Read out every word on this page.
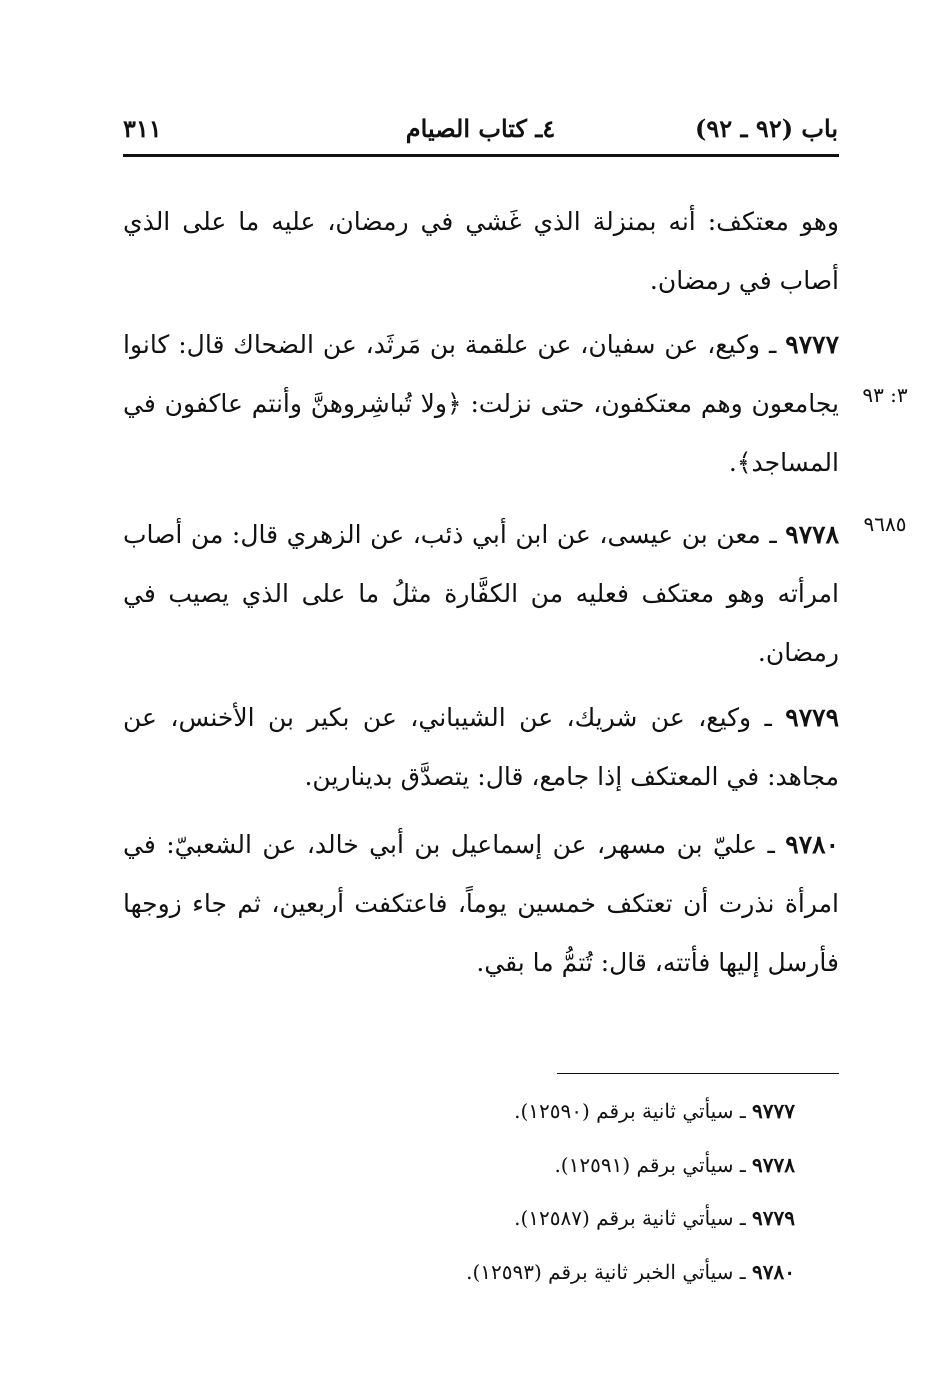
باب (٩٢ ـ ٩٢)
٤ـ كتاب الصيام
٣١١
وهو معتكف: أنه بمنزلة الذي غَشي في رمضان، عليه ما على الذي أصاب في رمضان.
٩٧٧٧ ـ وكيع، عن سفيان، عن علقمة بن مَرثَد، عن الضحاك قال: كانوا يجامعون وهم معتكفون، حتى نزلت: ﴿ولا تُباشِروهنَّ وأنتم عاكفون في المساجد﴾.
٣: ٩٣
٩٧٧٨ ـ معن بن عيسى، عن ابن أبي ذئب، عن الزهري قال: من أصاب امرأته وهو معتكف فعليه من الكفَّارة مثلُ ما على الذي يصيب في رمضان.
٩٦٨٥
٩٧٧٩ ـ وكيع، عن شريك، عن الشيباني، عن بكير بن الأخنس، عن مجاهد: في المعتكف إذا جامع، قال: يتصدَّق بدينارين.
٩٧٨٠ ـ عليّ بن مسهر، عن إسماعيل بن أبي خالد، عن الشعبيّ: في امرأة نذرت أن تعتكف خمسين يوماً، فاعتكفت أربعين، ثم جاء زوجها فأرسل إليها فأتته، قال: تُتمُّ ما بقي.
٩٧٧٧ ـ سيأتي ثانية برقم (١٢٥٩٠).
٩٧٧٨ ـ سيأتي برقم (١٢٥٩١).
٩٧٧٩ ـ سيأتي ثانية برقم (١٢٥٨٧).
٩٧٨٠ ـ سيأتي الخبر ثانية برقم (١٢٥٩٣).
